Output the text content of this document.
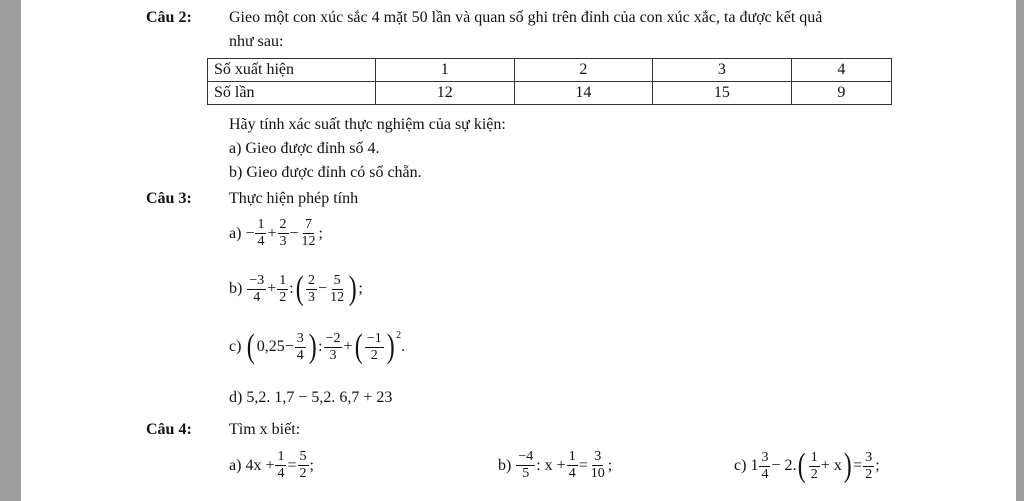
Câu 2: Gieo một con xúc sắc 4 mặt 50 lần và quan số ghi trên đỉnh của con xúc xắc, ta được kết quả
như sau:
Số xuất hiện	1	2	3	4
Số lần	12	14	15	9
Hãy tính xác suất thực nghiệm của sự kiện:
a) Gieo được đỉnh số 4.
b) Gieo được đỉnh có số chẵn.
Câu 3: Thực hiện phép tính
$a) - \frac{1}{4} + \frac{2}{3} - \frac{7}{12}$ ;
b)
$\frac{-3}{4} + \frac{1}{2}$ : ( $\frac{2}{3} - \frac{5}{12}$ ) ;
c)
( $0,25 - \frac{3}{4}$ ) : $\frac{-2}{3}$ + ( $\frac{-1}{2}$ ) 2
.
d)
5,2. 1,7 − 5,2. 6,7 + 23
Câu 4: Tìm x biết:
a)
$4x + \frac{1}{4} = \frac{5}{2}$ ;	b)
$\frac{-4}{5}$ : $x + \frac{1}{4} = \frac{3}{10}$ ;	c)
$1 \frac{3}{4} - 2$. ( $\frac{1}{2} + x$ ) = $\frac{3}{2}$ ;
